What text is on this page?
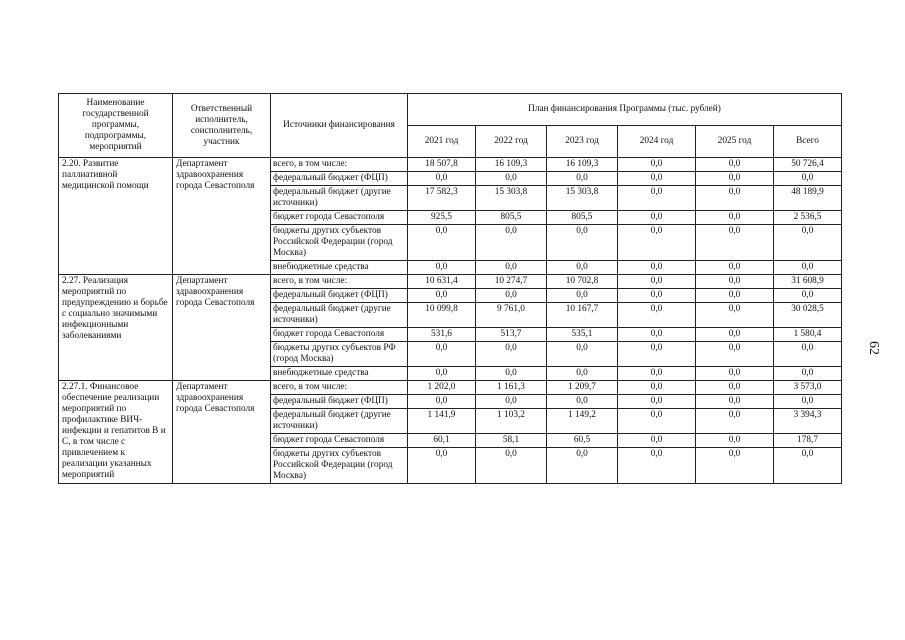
62
Наименование государственной программы, подпрограммы, мероприятий	Ответственный исполнитель, соисполнитель, участник	Источники финансирования	План финансирования Программы (тыс. рублей)					
			2021 год	2022 год	2023 год	2024 год	2025 год	Всего
2.20. Развитие паллиативной медицинской помощи	Департамент здравоохранения города Севастополя	всего, в том числе:	18 507,8	16 109,3	16 109,3	0,0	0,0	50 726,4
		федеральный бюджет (ФЦП)	0,0	0,0	0,0	0,0	0,0	0,0
		федеральный бюджет (другие источники)	17 582,3	15 303,8	15 303,8	0,0	0,0	48 189,9
		бюджет города Севастополя	925,5	805,5	805,5	0,0	0,0	2 536,5
		бюджеты других субъектов Российской Федерации (город Москва)	0,0	0,0	0,0	0,0	0,0	0,0
		внебюджетные средства	0,0	0,0	0,0	0,0	0,0	0,0
2.27. Реализация мероприятий по предупреждению и борьбе с социально значимыми инфекционными заболеваниями	Департамент здравоохранения города Севастополя	всего, в том числе:	10 631,4	10 274,7	10 702,8	0,0	0,0	31 608,9
		федеральный бюджет (ФЦП)	0,0	0,0	0,0	0,0	0,0	0,0
		федеральный бюджет (другие источники)	10 099,8	9 761,0	10 167,7	0,0	0,0	30 028,5
		бюджет города Севастополя	531,6	513,7	535,1	0,0	0,0	1 580,4
		бюджеты других субъектов РФ (город Москва)	0,0	0,0	0,0	0,0	0,0	0,0
		внебюджетные средства	0,0	0,0	0,0	0,0	0,0	0,0
2.27.1. Финансовое обеспечение реализации мероприятий по профилактике ВИЧ-инфекции и гепатитов В и С, в том числе с привлечением к реализации указанных мероприятий	Департамент здравоохранения города Севастополя	всего, в том числе:	1 202,0	1 161,3	1 209,7	0,0	0,0	3 573,0
		федеральный бюджет (ФЦП)	0,0	0,0	0,0	0,0	0,0	0,0
		федеральный бюджет (другие источники)	1 141,9	1 103,2	1 149,2	0,0	0,0	3 394,3
		бюджет города Севастополя	60,1	58,1	60,5	0,0	0,0	178,7
		бюджеты других субъектов Российской Федерации (город Москва)	0,0	0,0	0,0	0,0	0,0	0,0
